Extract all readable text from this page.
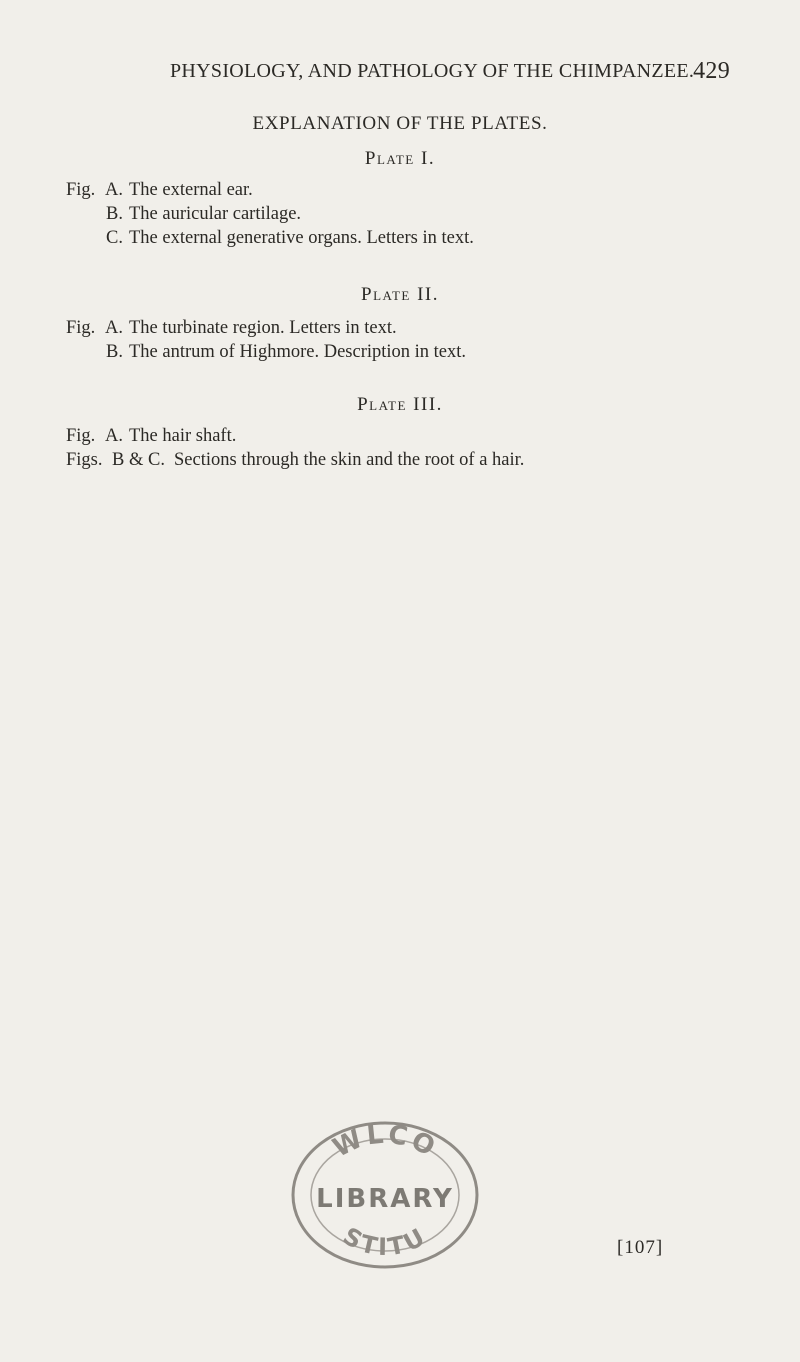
PHYSIOLOGY, AND PATHOLOGY OF THE CHIMPANZEE.
429
EXPLANATION OF THE PLATES.
Plate I.
Fig. A. The external ear.
B. The auricular cartilage.
C. The external generative organs. Letters in text.
Plate II.
Fig. A. The turbinate region. Letters in text.
B. The antrum of Highmore. Description in text.
Plate III.
Fig. A. The hair shaft.
Figs. B & C. Sections through the skin and the root of a hair.
WLCO
LIBRARY
STITU	[107]
